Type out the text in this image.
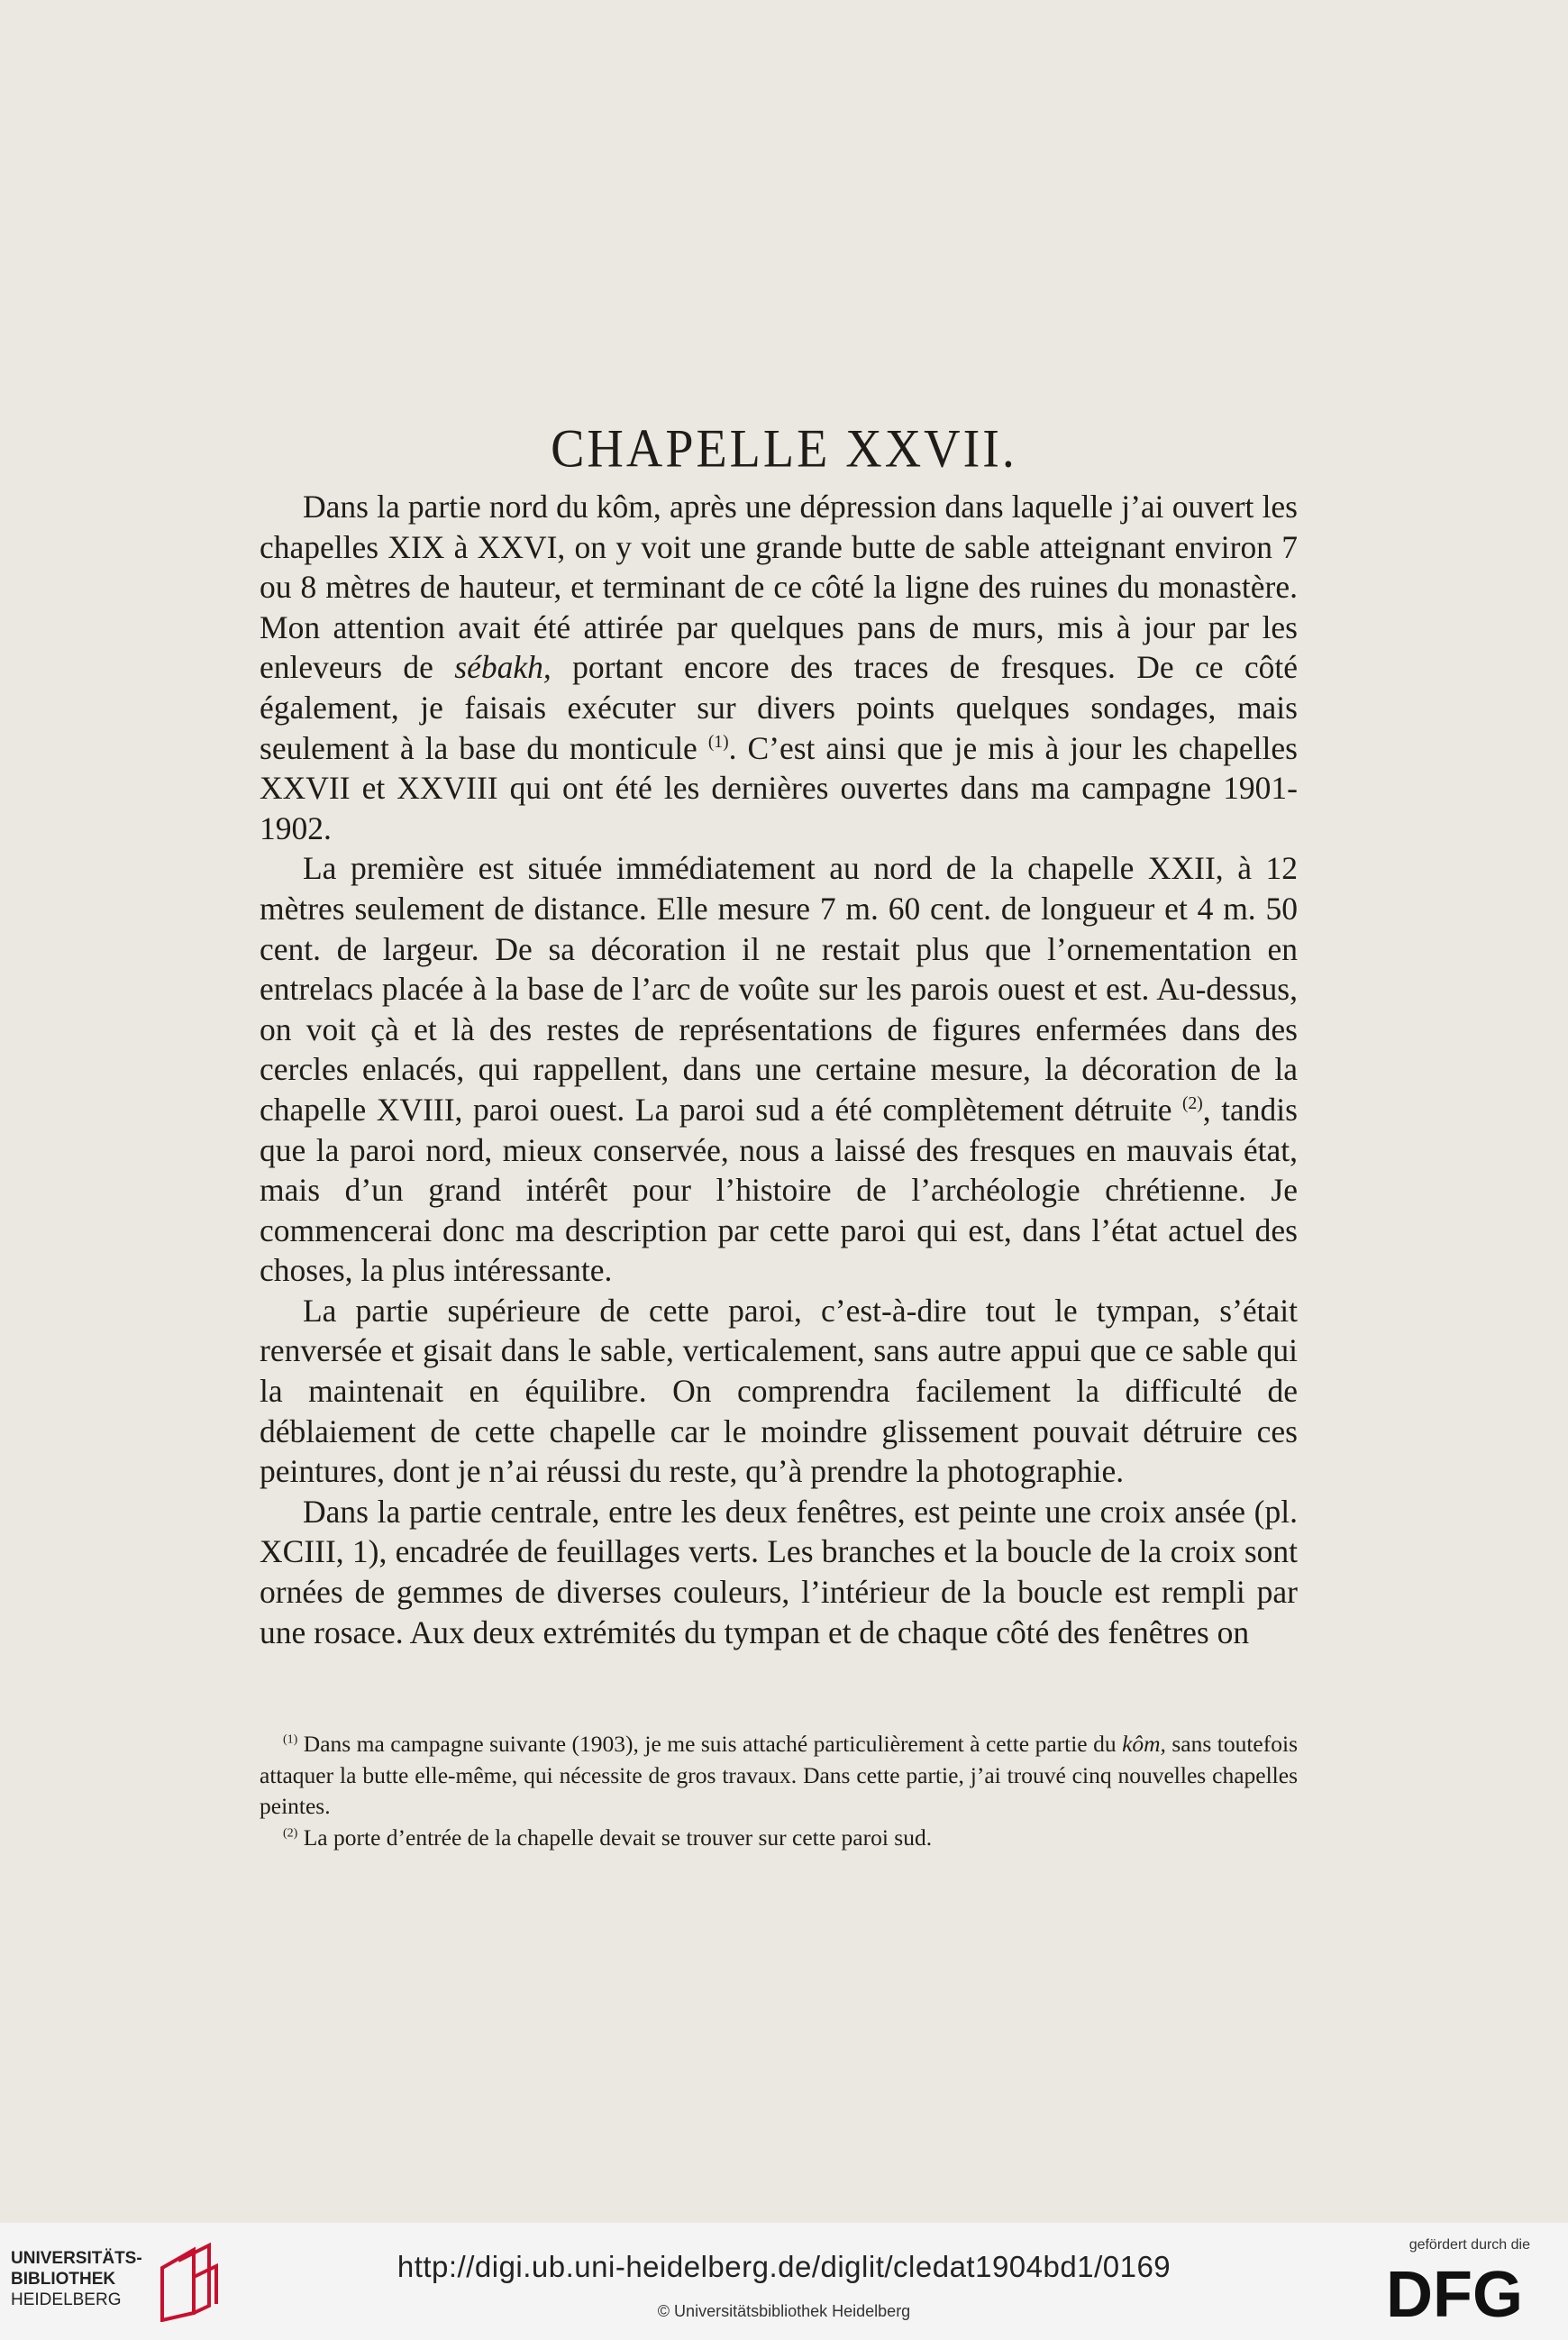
CHAPELLE XXVII.

Dans la partie nord du kôm, après une dépression dans laquelle j’ai ouvert les chapelles XIX à XXVI, on y voit une grande butte de sable atteignant environ 7 ou 8 mètres de hauteur, et terminant de ce côté la ligne des ruines du monastère. Mon attention avait été attirée par quelques pans de murs, mis à jour par les enleveurs de sébakh, portant encore des traces de fresques. De ce côté également, je faisais exécuter sur divers points quelques sondages, mais seulement à la base du monticule $^{(1)}$. C’est ainsi que je mis à jour les chapelles XXVII et XXVIII qui ont été les dernières ouvertes dans ma campagne 1901-1902.

La première est située immédiatement au nord de la chapelle XXII, à 12 mètres seulement de distance. Elle mesure 7 m. 60 cent. de longueur et 4 m. 50 cent. de largeur. De sa décoration il ne restait plus que l’ornementation en entrelacs placée à la base de l’arc de voûte sur les parois ouest et est. Au-dessus, on voit çà et là des restes de représentations de figures enfermées dans des cercles enlacés, qui rappellent, dans une certaine mesure, la décoration de la chapelle XVIII, paroi ouest. La paroi sud a été complètement détruite $^{(2)}$, tandis que la paroi nord, mieux conservée, nous a laissé des fresques en mauvais état, mais d’un grand intérêt pour l’histoire de l’archéologie chrétienne. Je commencerai donc ma description par cette paroi qui est, dans l’état actuel des choses, la plus intéressante.

La partie supérieure de cette paroi, c’est-à-dire tout le tympan, s’était renversée et gisait dans le sable, verticalement, sans autre appui que ce sable qui la maintenait en équilibre. On comprendra facilement la difficulté de déblaiement de cette chapelle car le moindre glissement pouvait détruire ces peintures, dont je n’ai réussi du reste, qu’à prendre la photographie.

Dans la partie centrale, entre les deux fenêtres, est peinte une croix ansée (pl. XCIII, 1), encadrée de feuillages verts. Les branches et la boucle de la croix sont ornées de gemmes de diverses couleurs, l’intérieur de la boucle est rempli par une rosace. Aux deux extrémités du tympan et de chaque côté des fenêtres on

$^{(1)}$ Dans ma campagne suivante (1903), je me suis attaché particulièrement à cette partie du kôm, sans toutefois attaquer la butte elle-même, qui nécessite de gros travaux. Dans cette partie, j’ai trouvé cinq nouvelles chapelles peintes.

$^{(2)}$ La porte d’entrée de la chapelle devait se trouver sur cette paroi sud.

UNIVERSITÄTS-
BIBLIOTHEK
HEIDELBERG
http://digi.ub.uni-heidelberg.de/diglit/cledat1904bd1/0169
© Universitätsbibliothek Heidelberg
gefördert durch die
DFG
